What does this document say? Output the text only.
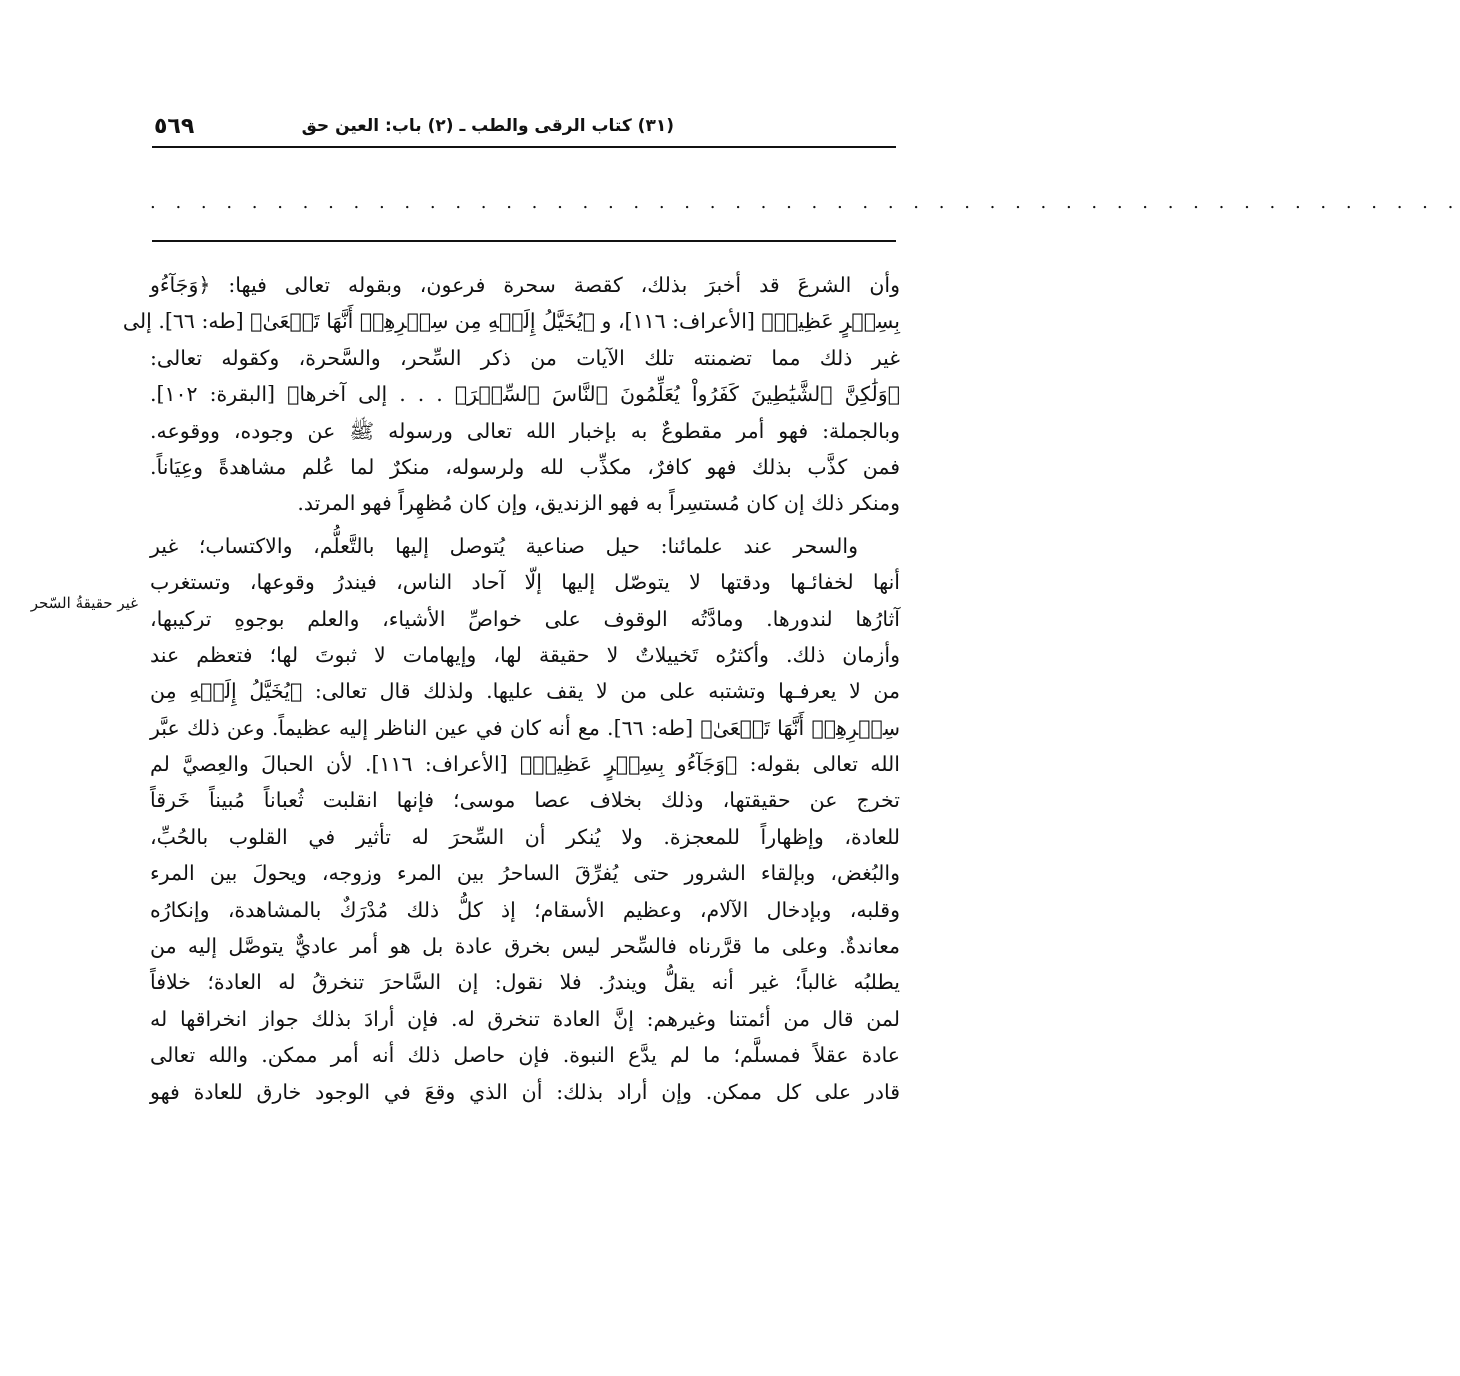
٥٦٩	(٣١) كتاب الرقى والطب ـ (٢) باب: العين حق
. . . . . . . . . . . . . . . . . . . . . . . . . . . . . . . . . . . . . . . . . . . . . . . . . . . .
غير حقيقةُ السّحر
وأن الشرعَ قد أخبرَ بذلك، كقصة سحرة فرعون، وبقوله تعالى فيها: ﴿وَجَآءُو
بِسِحۡرٍ عَظِيمٖ﴾ [الأعراف: ١١٦]، و ﴿يُخَيَّلُ إِلَيۡهِ مِن سِحۡرِهِمۡ أَنَّهَا تَسۡعَىٰ﴾ [طه: ٦٦]. إلى
غير ذلك مما تضمنته تلك الآيات من ذكر السِّحر، والسَّحرة، وكقوله تعالى:
﴿وَلَٰكِنَّ ٱلشَّيَٰطِينَ كَفَرُواْ يُعَلِّمُونَ ٱلنَّاسَ ٱلسِّحۡرَ﴾ . . . إلى آخرها﴾ [البقرة: ١٠٢].
وبالجملة: فهو أمر مقطوعٌ به بإخبار الله تعالى ورسوله ﷺ عن وجوده، ووقوعه.
فمن كذَّب بذلك فهو كافرٌ، مكذِّب لله ولرسوله، منكرٌ لما عُلم مشاهدةً وعِيَاناً.
ومنكر ذلك إن كان مُستسِراً به فهو الزنديق، وإن كان مُظهِراً فهو المرتد.
والسحر عند علمائنا: حيل صناعية يُتوصل إليها بالتَّعلُّم، والاكتساب؛ غير
أنها لخفائـها ودقتها لا يتوصّل إليها إلّا آحاد الناس، فيندرُ وقوعها، وتستغرب
آثارُها لندورها. ومادَّتُه الوقوف على خواصِّ الأشياء، والعلم بوجوهِ تركيبها،
وأزمان ذلك. وأكثرُه تَخييلاتٌ لا حقيقة لها، وإيهامات لا ثبوتَ لها؛ فتعظم عند
من لا يعرفـها وتشتبه على من لا يقف عليها. ولذلك قال تعالى: ﴿يُخَيَّلُ إِلَيۡهِ مِن
سِحۡرِهِمۡ أَنَّهَا تَسۡعَىٰ﴾ [طه: ٦٦]. مع أنه كان في عين الناظر إليه عظيماً. وعن ذلك عبَّر
الله تعالى بقوله: ﴿وَجَآءُو بِسِحۡرٍ عَظِيمٖ﴾ [الأعراف: ١١٦]. لأن الحبالَ والعِصيَّ لم
تخرج عن حقيقتها، وذلك بخلاف عصا موسى؛ فإنها انقلبت ثُعباناً مُبيناً خَرقاً
للعادة، وإظهاراً للمعجزة. ولا يُنكر أن السِّحرَ له تأثير في القلوب بالحُبِّ،
والبُغض، وبإلقاء الشرور حتى يُفرِّقَ الساحرُ بين المرء وزوجه، ويحولَ بين المرء
وقلبه، وبإدخال الآلام، وعظيم الأسقام؛ إذ كلُّ ذلك مُدْرَكٌ بالمشاهدة، وإنكارُه
معاندةٌ. وعلى ما قرَّرناه فالسِّحر ليس بخرق عادة بل هو أمر عاديٌّ يتوصَّل إليه من
يطلبُه غالباً؛ غير أنه يقلُّ ويندرُ. فلا نقول: إن السَّاحرَ تنخرقُ له العادة؛ خلافاً
لمن قال من أئمتنا وغيرهم: إنَّ العادة تنخرق له. فإن أرادَ بذلك جواز انخراقها له
عادة عقلاً فمسلَّم؛ ما لم يدَّع النبوة. فإن حاصل ذلك أنه أمر ممكن. والله تعالى
قادر على كل ممكن. وإن أراد بذلك: أن الذي وقعَ في الوجود خارق للعادة فهو
